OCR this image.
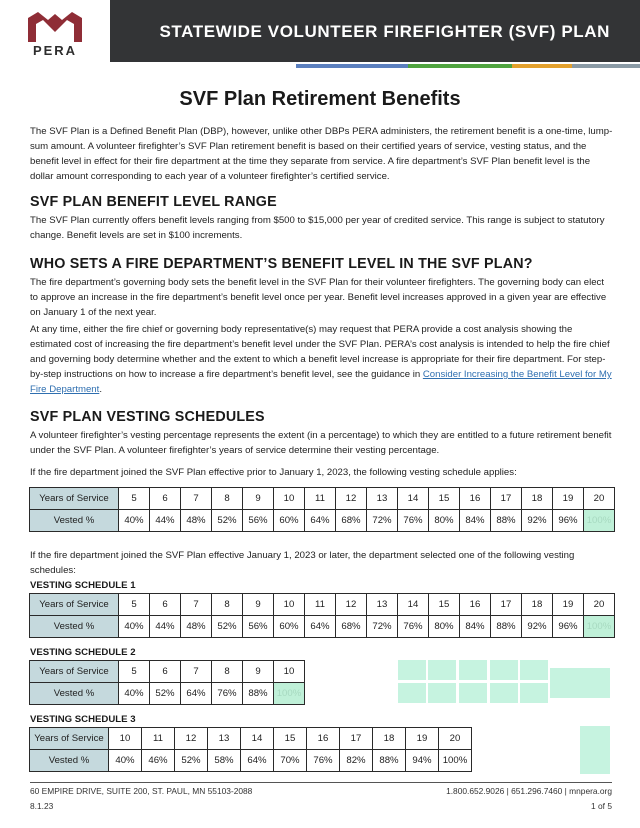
PERA
STATEWIDE VOLUNTEER FIREFIGHTER (SVF) PLAN
SVF Plan Retirement Benefits

The SVF Plan is a Defined Benefit Plan (DBP), however, unlike other DBPs PERA administers, the retirement benefit is a one-time, lump-sum amount. A volunteer firefighter’s SVF Plan retirement benefit is based on their certified years of service, vesting status, and the benefit level in effect for their fire department at the time they separate from service. A fire department’s SVF Plan benefit level is the dollar amount corresponding to each year of a volunteer firefighter’s certified service.

SVF PLAN BENEFIT LEVEL RANGE

The SVF Plan currently offers benefit levels ranging from $500 to $15,000 per year of credited service. This range is subject to statutory change. Benefit levels are set in $100 increments.

WHO SETS A FIRE DEPARTMENT’S BENEFIT LEVEL IN THE SVF PLAN?

The fire department’s governing body sets the benefit level in the SVF Plan for their volunteer firefighters. The governing body can elect to approve an increase in the fire department’s benefit level once per year. Benefit level increases approved in a given year are effective on January 1 of the next year.

At any time, either the fire chief or governing body representative(s) may request that PERA provide a cost analysis showing the estimated cost of increasing the fire department’s benefit level under the SVF Plan. PERA’s cost analysis is intended to help the fire chief and governing body determine whether and the extent to which a benefit level increase is appropriate for their fire department. For step-by-step instructions on how to increase a fire department’s benefit level, see the guidance in Consider Increasing the Benefit Level for My Fire Department.

SVF PLAN VESTING SCHEDULES

A volunteer firefighter’s vesting percentage represents the extent (in a percentage) to which they are entitled to a future retirement benefit under the SVF Plan. A volunteer firefighter’s years of service determine their vesting percentage.

If the fire department joined the SVF Plan effective prior to January 1, 2023, the following vesting schedule applies:

Years of Service	5	6	7	8	9	10	11	12	13	14	15	16	17	18	19	20
Vested %	40%	44%	48%	52%	56%	60%	64%	68%	72%	76%	80%	84%	88%	92%	96%	100%

If the fire department joined the SVF Plan effective January 1, 2023 or later, the department selected one of the following vesting schedules:

VESTING SCHEDULE 1
Years of Service	5	6	7	8	9	10	11	12	13	14	15	16	17	18	19	20
Vested %	40%	44%	48%	52%	56%	60%	64%	68%	72%	76%	80%	84%	88%	92%	96%	100%
VESTING SCHEDULE 2
Years of Service	5	6	7	8	9	10
Vested %	40%	52%	64%	76%	88%	100%
VESTING SCHEDULE 3
Years of Service	10	11	12	13	14	15	16	17	18	19	20
Vested %	40%	46%	52%	58%	64%	70%	76%	82%	88%	94%	100%
60 EMPIRE DRIVE, SUITE 200, ST. PAUL, MN 55103-2088	1.800.652.9026 | 651.296.7460 | mnpera.org
8.1.23	1 of 5
